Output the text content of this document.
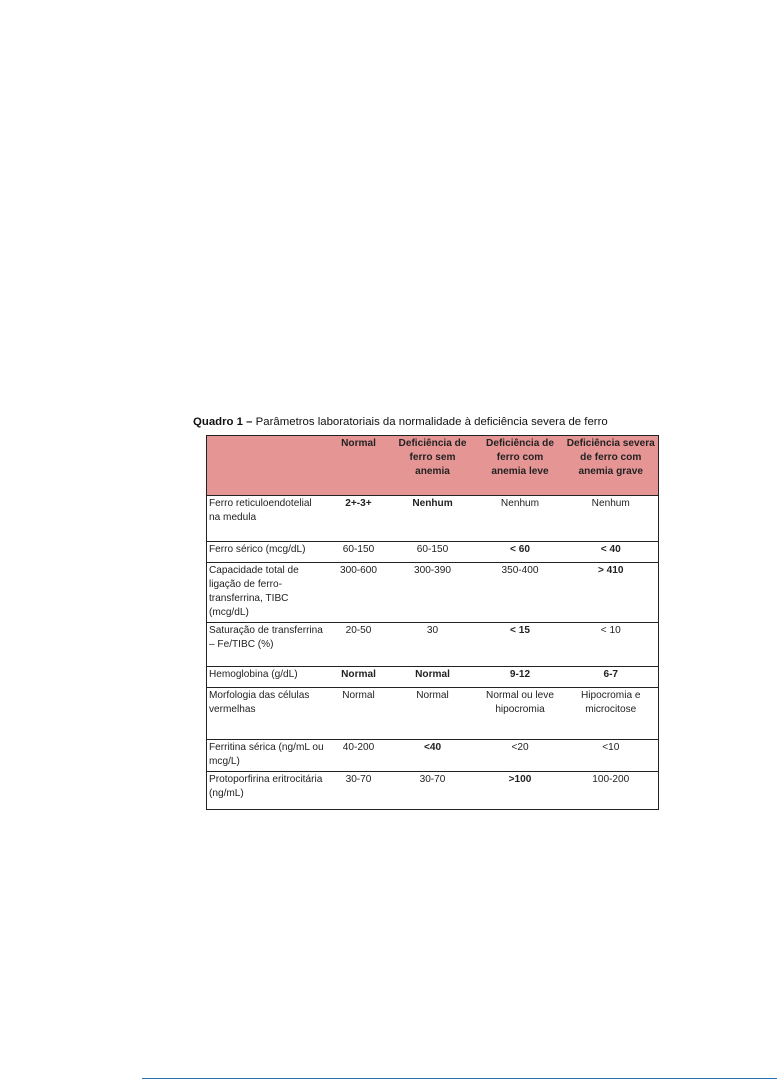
Quadro 1 – Parâmetros laboratoriais da normalidade à deficiência severa de ferro
	Normal	Deficiência de ferro sem anemia	Deficiência de ferro com anemia leve	Deficiência severa de ferro com anemia grave
Ferro reticuloendotelial na medula	2+-3+	Nenhum	Nenhum	Nenhum
Ferro sérico (mcg/dL)	60-150	60-150	< 60	< 40
Capacidade total de ligação de ferro-transferrina, TIBC (mcg/dL)	300-600	300-390	350-400	> 410
Saturação de transferrina – Fe/TIBC (%)	20-50	30	< 15	< 10
Hemoglobina (g/dL)	Normal	Normal	9-12	6-7
Morfologia das células vermelhas	Normal	Normal	Normal ou leve hipocromia	Hipocromia e microcitose
Ferritina sérica (ng/mL ou mcg/L)	40-200	<40	<20	<10
Protoporfirina eritrocitária (ng/mL)	30-70	30-70	>100	100-200
